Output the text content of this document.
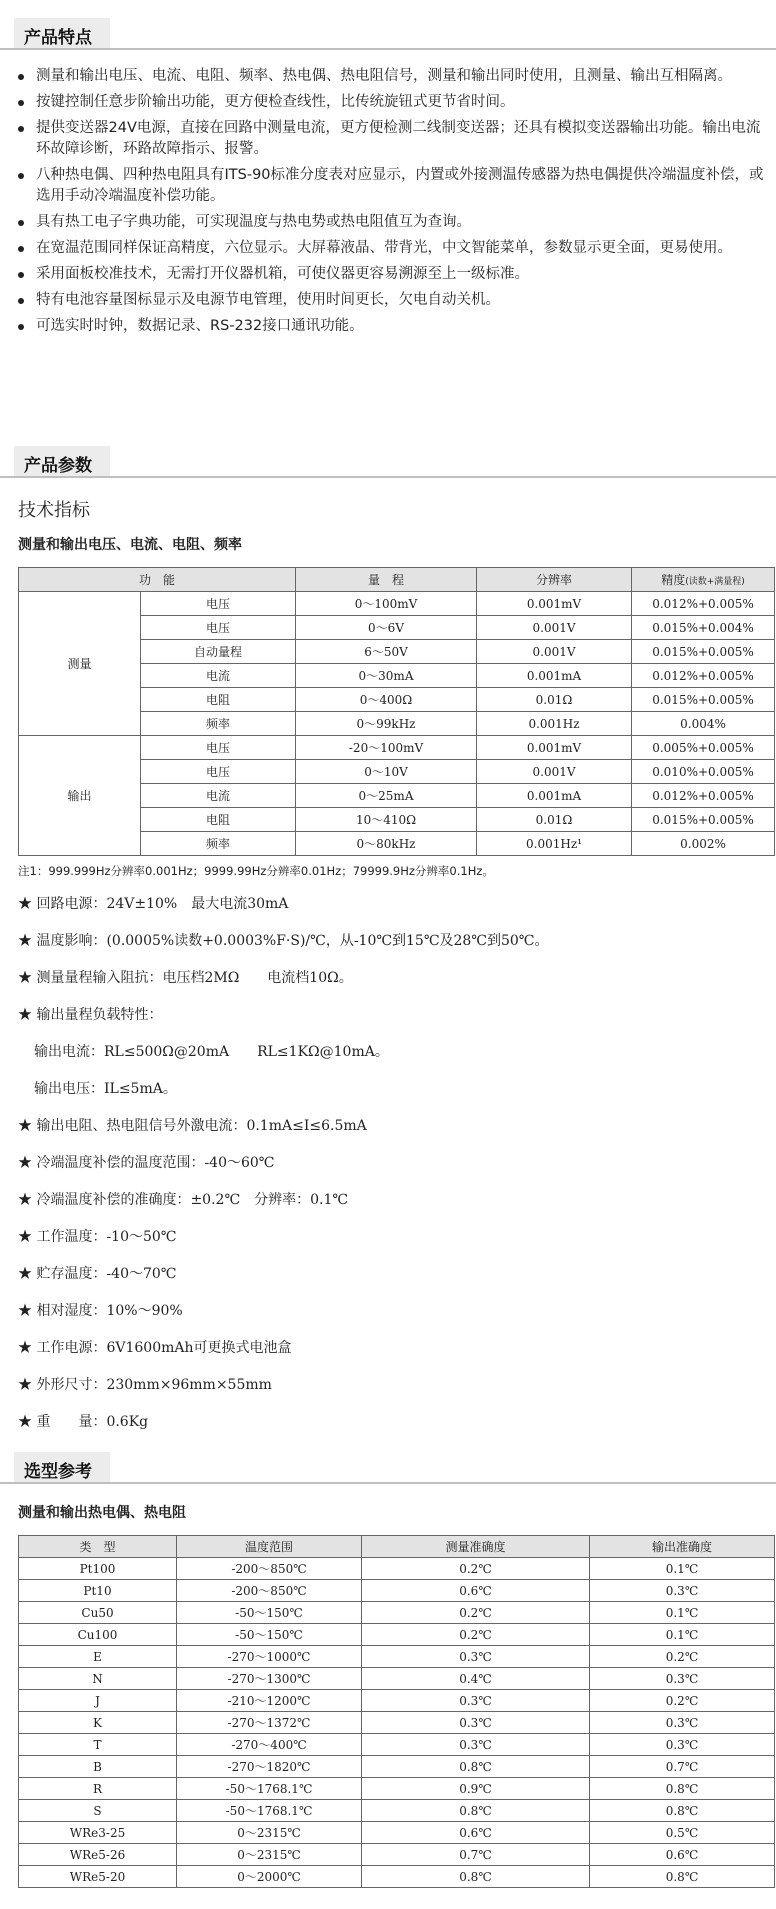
产品特点
测量和输出电压、电流、电阻、频率、热电偶、热电阻信号，测量和输出同时使用，且测量、输出互相隔离。
按键控制任意步阶输出功能，更方便检查线性，比传统旋钮式更节省时间。
提供变送器24V电源，直接在回路中测量电流，更方便检测二线制变送器；还具有模拟变送器输出功能。输出电流环故障诊断，环路故障指示、报警。
八种热电偶、四种热电阻具有ITS-90标准分度表对应显示，内置或外接测温传感器为热电偶提供冷端温度补偿，或选用手动冷端温度补偿功能。
具有热工电子字典功能，可实现温度与热电势或热电阻值互为查询。
在宽温范围同样保证高精度，六位显示。大屏幕液晶、带背光，中文智能菜单，参数显示更全面，更易使用。
采用面板校准技术，无需打开仪器机箱，可使仪器更容易溯源至上一级标准。
特有电池容量图标显示及电源节电管理，使用时间更长，欠电自动关机。
可选实时时钟，数据记录、RS-232接口通讯功能。
产品参数
技术指标
测量和输出电压、电流、电阻、频率
功　能		量　程	分辨率	精度(读数+满量程)
测量	电压	0～100mV	0.001mV	0.012%+0.005%
	电压	0～6V	0.001V	0.015%+0.004%
	自动量程	6～50V	0.001V	0.015%+0.005%
	电流	0～30mA	0.001mA	0.012%+0.005%
	电阻	0～400Ω	0.01Ω	0.015%+0.005%
	频率	0～99kHz	0.001Hz	0.004%
输出	电压	-20～100mV	0.001mV	0.005%+0.005%
	电压	0～10V	0.001V	0.010%+0.005%
	电流	0～25mA	0.001mA	0.012%+0.005%
	电阻	10～410Ω	0.01Ω	0.015%+0.005%
	频率	0～80kHz	0.001Hz¹	0.002%
注1：999.999Hz分辨率0.001Hz；9999.99Hz分辨率0.01Hz；79999.9Hz分辨率0.1Hz。
★ 回路电源：24V±10%　最大电流30mA
★ 温度影响：(0.0005%读数+0.0003%F·S)/℃，从-10℃到15℃及28℃到50℃。
★ 测量量程输入阻抗：电压档2MΩ　　电流档10Ω。
★ 输出量程负载特性：
输出电流：RL≤500Ω@20mA　　RL≤1KΩ@10mA。
输出电压：IL≤5mA。
★ 输出电阻、热电阻信号外激电流：0.1mA≤I≤6.5mA
★ 冷端温度补偿的温度范围：-40～60℃
★ 冷端温度补偿的准确度：±0.2℃　分辨率：0.1℃
★ 工作温度：-10～50℃
★ 贮存温度：-40～70℃
★ 相对湿度：10%～90%
★ 工作电源：6V1600mAh可更换式电池盒
★ 外形尺寸：230mm×96mm×55mm
★ 重　　量：0.6Kg
选型参考
测量和输出热电偶、热电阻
类　型	温度范围	测量准确度	输出准确度
Pt100	-200～850℃	0.2℃	0.1℃
Pt10	-200～850℃	0.6℃	0.3℃
Cu50	-50～150℃	0.2℃	0.1℃
Cu100	-50～150℃	0.2℃	0.1℃
E	-270～1000℃	0.3℃	0.2℃
N	-270～1300℃	0.4℃	0.3℃
J	-210～1200℃	0.3℃	0.2℃
K	-270～1372℃	0.3℃	0.3℃
T	-270～400℃	0.3℃	0.3℃
B	-270～1820℃	0.8℃	0.7℃
R	-50～1768.1℃	0.9℃	0.8℃
S	-50～1768.1℃	0.8℃	0.8℃
WRe3-25	0～2315℃	0.6℃	0.5℃
WRe5-26	0～2315℃	0.7℃	0.6℃
WRe5-20	0～2000℃	0.8℃	0.8℃
